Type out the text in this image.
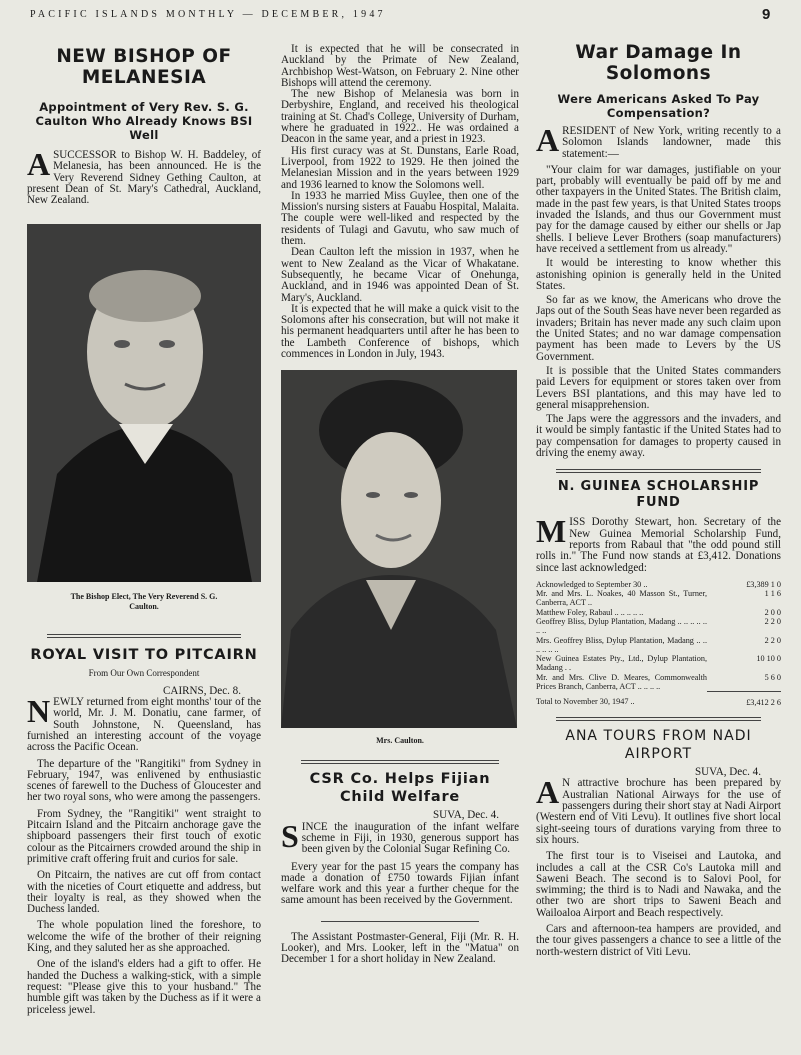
PACIFIC ISLANDS MONTHLY — DECEMBER, 1947	9
NEW BISHOP OF MELANESIA
Appointment of Very Rev. S. G. Caulton Who Already Knows BSI Well

ASUCCESSOR to Bishop W. H. Baddeley, of Melanesia, has been announced. He is the Very Reverend Sidney Gething Caulton, at present Dean of St. Mary's Cathedral, Auckland, New Zealand.

The Bishop Elect, The Very Reverend S. G. Caulton.
ROYAL VISIT TO PITCAIRN
From Our Own Correspondent

CAIRNS, Dec. 8.

NEWLY returned from eight months' tour of the world, Mr. J. M. Donatiu, cane farmer, of South Johnstone, N. Queensland, has furnished an interesting account of the voyage across the Pacific Ocean.

The departure of the "Rangitiki" from Sydney in February, 1947, was enlivened by enthusiastic scenes of farewell to the Duchess of Gloucester and her two royal sons, who were among the passengers.

From Sydney, the "Rangitiki" went straight to Pitcairn Island and the Pitcairn anchorage gave the shipboard passengers their first touch of exotic colour as the Pitcairners crowded around the ship in primitive craft offering fruit and curios for sale.

On Pitcairn, the natives are cut off from contact with the niceties of Court etiquette and address, but their loyalty is real, as they showed when the Duchess landed.

The whole population lined the foreshore, to welcome the wife of the brother of their reigning King, and they saluted her as she approached.

One of the island's elders had a gift to offer. He handed the Duchess a walking-stick, with a simple request: "Please give this to your husband." The humble gift was taken by the Duchess as if it were a priceless jewel.

It is expected that he will be consecrated in Auckland by the Primate of New Zealand, Archbishop West-Watson, on February 2. Nine other Bishops will attend the ceremony.

The new Bishop of Melanesia was born in Derbyshire, England, and received his theological training at St. Chad's College, University of Durham, where he graduated in 1922.. He was ordained a Deacon in the same year, and a priest in 1923.

His first curacy was at St. Dunstans, Earle Road, Liverpool, from 1922 to 1929. He then joined the Melanesian Mission and in the years between 1929 and 1936 learned to know the Solomons well.

In 1933 he married Miss Guylee, then one of the Mission's nursing sisters at Fauabu Hospital, Malaita. The couple were well-liked and respected by the residents of Tulagi and Gavutu, who saw much of them.

Dean Caulton left the mission in 1937, when he went to New Zealand as the Vicar of Whakatane. Subsequently, he became Vicar of Onehunga, Auckland, and in 1946 was appointed Dean of St. Mary's, Auckland.

It is expected that he will make a quick visit to the Solomons after his consecration, but will not make it his permanent headquarters until after he has been to the Lambeth Conference of bishops, which commences in London in July, 1943.

Mrs. Caulton.
CSR Co. Helps Fijian Child Welfare

SUVA, Dec. 4.

SINCE the inauguration of the infant welfare scheme in Fiji, in 1930, generous support has been given by the Colonial Sugar Refining Co.

Every year for the past 15 years the company has made a donation of £750 towards Fijian infant welfare work and this year a further cheque for the same amount has been received by the Government.

The Assistant Postmaster-General, Fiji (Mr. R. H. Looker), and Mrs. Looker, left in the "Matua" on December 1 for a short holiday in New Zealand.

War Damage In Solomons
Were Americans Asked To Pay Compensation?

ARESIDENT of New York, writing recently to a Solomon Islands landowner, made this statement:—

"Your claim for war damages, justifiable on your part, probably will eventually be paid off by me and other taxpayers in the United States. The British claim, made in the past few years, is that United States troops invaded the Islands, and thus our Government must pay for the damage caused by either our shells or Jap shells. I believe Lever Brothers (soap manufacturers) have received a settlement from us already."

It would be interesting to know whether this astonishing opinion is generally held in the United States.

So far as we know, the Americans who drove the Japs out of the South Seas have never been regarded as invaders; Britain has never made any such claim upon the United States; and no war damage compensation payment has been made to Levers by the US Government.

It is possible that the United States commanders paid Levers for equipment or stores taken over from Levers BSI plantations, and this may have led to general misapprehension.

The Japs were the aggressors and the invaders, and it would be simply fantastic if the United States had to pay compensation for damages to property caused in driving the enemy away.

N. GUINEA SCHOLARSHIP FUND

MISS Dorothy Stewart, hon. Secretary of the New Guinea Memorial Scholarship Fund, reports from Rabaul that "the odd pound still rolls in." The Fund now stands at £3,412. Donations since last acknowledged:

Acknowledged to September 30 ..	£3,389 1 0
Mr. and Mrs. L. Noakes, 40 Masson St., Turner, Canberra, ACT ..	1 1 6
Matthew Foley, Rabaul .. .. .. .. ..	2 0 0
Geoffrey Bliss, Dylup Plantation, Madang .. .. .. .. .. .. ..	2 2 0
Mrs. Geoffrey Bliss, Dylup Plantation, Madang .. .. .. .. .. ..	2 2 0
New Guinea Estates Pty., Ltd., Dylup Plantation, Madang . .	10 10 0
Mr. and Mrs. Clive D. Meares, Commonwealth Prices Branch, Canberra, ACT .. .. .. ..	5 6 0
Total to November 30, 1947 ..	£3,412 2 6
ANA TOURS FROM NADI AIRPORT

SUVA, Dec. 4.

A N attractive brochure has been prepared by Australian National Airways for the use of passengers during their short stay at Nadi Airport (Western end of Viti Levu). It outlines five short local sight-seeing tours of durations varying from three to six hours.

The first tour is to Viseisei and Lautoka, and includes a call at the CSR Co's Lautoka mill and Saweni Beach. The second is to Salovi Pool, for swimming; the third is to Nadi and Nawaka, and the other two are short trips to Saweni Beach and Wailoaloa Airport and Beach respectively.

Cars and afternoon-tea hampers are provided, and the tour gives passengers a chance to see a little of the north-western district of Viti Levu.
